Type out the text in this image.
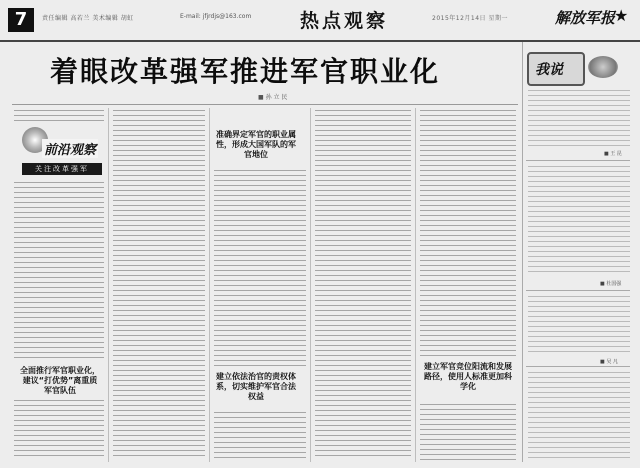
7	责任编辑 高若兰 美术编辑 胡虹	E-mail: jfjrdjs@163.com	热点观察	2015年12月14日 星期一	解放军报
★
着眼改革强军推进军官职业化
■ 孙 立 民
前沿观察
关注改革强军
全面推行军官职业化，建议“打优势”离重质军官队伍
准确界定军官的职业属性，形成大国军队的军官地位
建立依法治官的责权体系，切实维护军官合法权益
建立军官竞位阳流和发展路径，使用人标准更加科学化
我说
■ 王 昆
■ 杜国强
■ 吴 凡
